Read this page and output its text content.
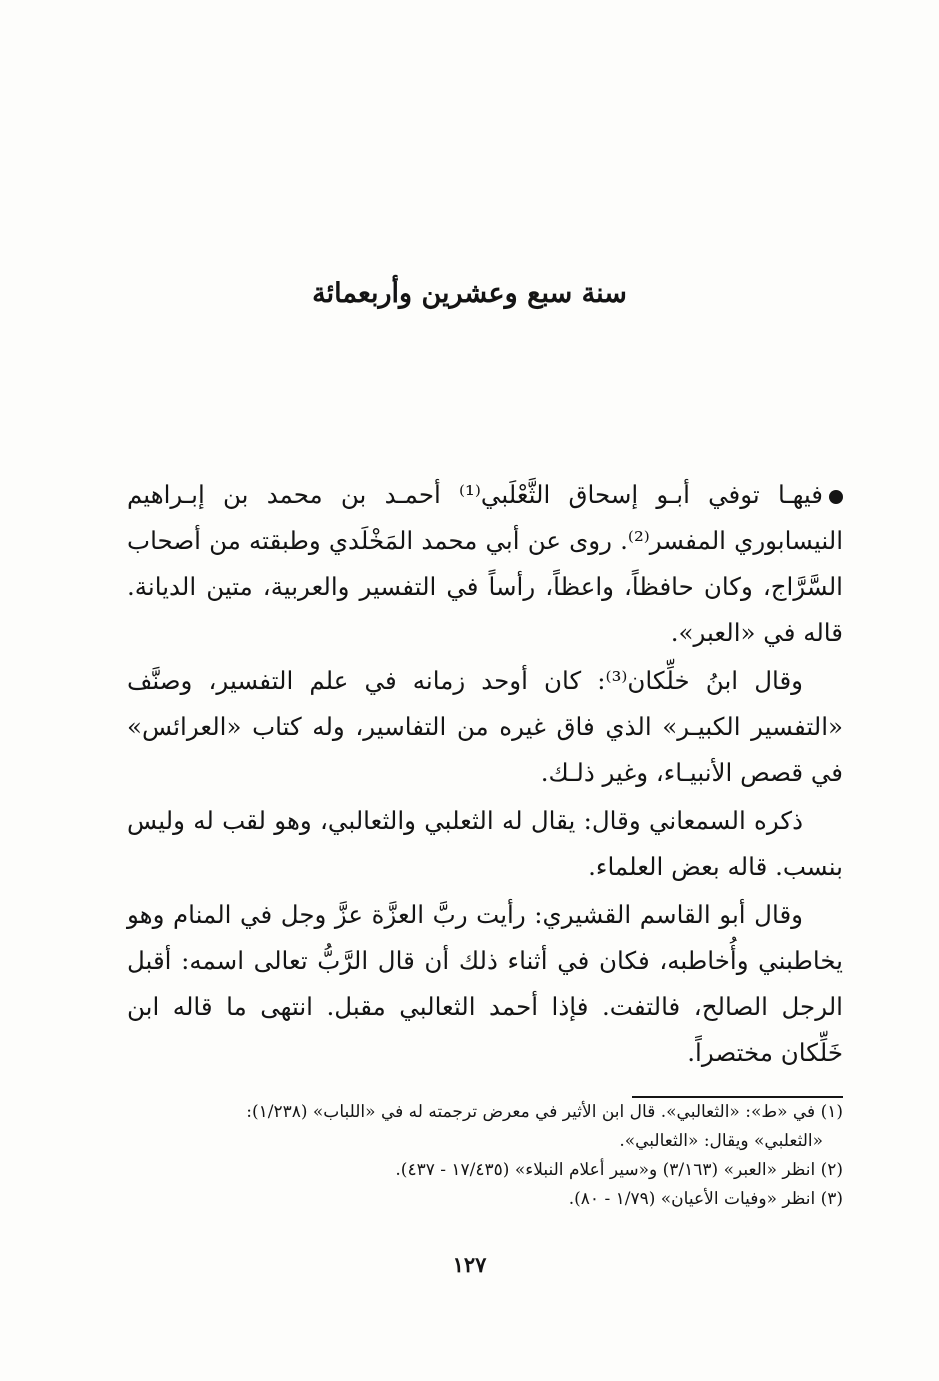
سنة سبع وعشرين وأربعمائة

فيهـا توفي أبـو إسحاق الثَّعْلَبي⁽¹⁾ أحمـد بن محمد بن إبـراهيم النيسابوري المفسر⁽²⁾. روى عن أبي محمد المَخْلَدي وطبقته من أصحاب السَّرَّاج، وكان حافظاً، واعظاً، رأساً في التفسير والعربية، متين الديانة. قاله في «العبر».

وقال ابنُ خلِّكان⁽³⁾: كان أوحد زمانه في علم التفسير، وصنَّف «التفسير الكبيـر» الذي فاق غيره من التفاسير، وله كتاب «العرائس» في قصص الأنبيـاء، وغير ذلـك.

ذكره السمعاني وقال: يقال له الثعلبي والثعالبي، وهو لقب له وليس بنسب. قاله بعض العلماء.

وقال أبو القاسم القشيري: رأيت ربَّ العزَّة عزَّ وجل في المنام وهو يخاطبني وأُخاطبه، فكان في أثناء ذلك أن قال الرَّبُّ تعالى اسمه: أقبل الرجل الصالح، فالتفت. فإذا أحمد الثعالبي مقبل. انتهى ما قاله ابن خَلِّكان مختصراً.

(١) في «ط»: «الثعالبي». قال ابن الأثير في معرض ترجمته له في «اللباب» (١/٢٣٨):

«الثعلبي» ويقال: «الثعالبي».

(٢) انظر «العبر» (٣/١٦٣) و«سير أعلام النبلاء» (١٧/٤٣٥ - ٤٣٧).

(٣) انظر «وفيات الأعيان» (١/٧٩ - ٨٠).

١٢٧
